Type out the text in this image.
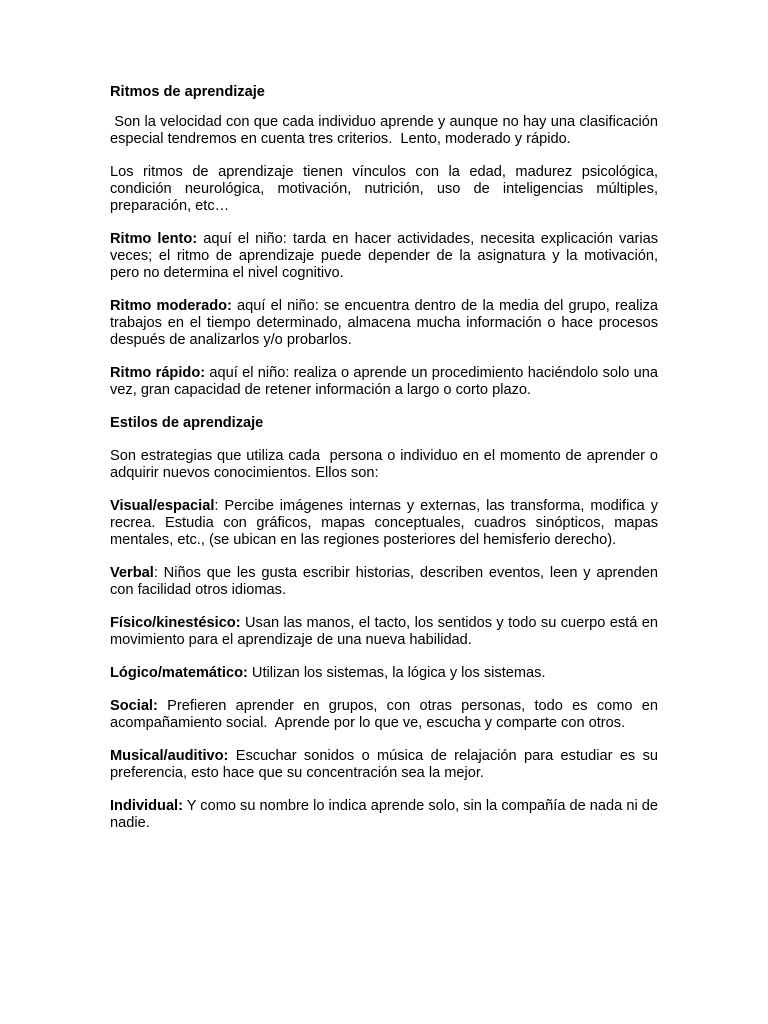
Ritmos de aprendizaje

Son la velocidad con que cada individuo aprende y aunque no hay una clasificación especial tendremos en cuenta tres criterios.  Lento, moderado y rápido.

Los ritmos de aprendizaje tienen vínculos con la edad, madurez psicológica, condición neurológica, motivación, nutrición, uso de inteligencias múltiples, preparación, etc…

Ritmo lento: aquí el niño: tarda en hacer actividades, necesita explicación varias veces; el ritmo de aprendizaje puede depender de la asignatura y la motivación, pero no determina el nivel cognitivo.

Ritmo moderado: aquí el niño: se encuentra dentro de la media del grupo, realiza trabajos en el tiempo determinado, almacena mucha información o hace procesos después de analizarlos y/o probarlos.

Ritmo rápido: aquí el niño: realiza o aprende un procedimiento haciéndolo solo una vez, gran capacidad de retener información a largo o corto plazo.

Estilos de aprendizaje

Son estrategias que utiliza cada  persona o individuo en el momento de aprender o adquirir nuevos conocimientos. Ellos son:

Visual/espacial: Percibe imágenes internas y externas, las transforma, modifica y recrea. Estudia con gráficos, mapas conceptuales, cuadros sinópticos, mapas mentales, etc., (se ubican en las regiones posteriores del hemisferio derecho).

Verbal: Niños que les gusta escribir historias, describen eventos, leen y aprenden con facilidad otros idiomas.

Físico/kinestésico: Usan las manos, el tacto, los sentidos y todo su cuerpo está en movimiento para el aprendizaje de una nueva habilidad.

Lógico/matemático: Utilizan los sistemas, la lógica y los sistemas.

Social: Prefieren aprender en grupos, con otras personas, todo es como en acompañamiento social.  Aprende por lo que ve, escucha y comparte con otros.

Musical/auditivo: Escuchar sonidos o música de relajación para estudiar es su preferencia, esto hace que su concentración sea la mejor.

Individual: Y como su nombre lo indica aprende solo, sin la compañía de nada ni de nadie.
